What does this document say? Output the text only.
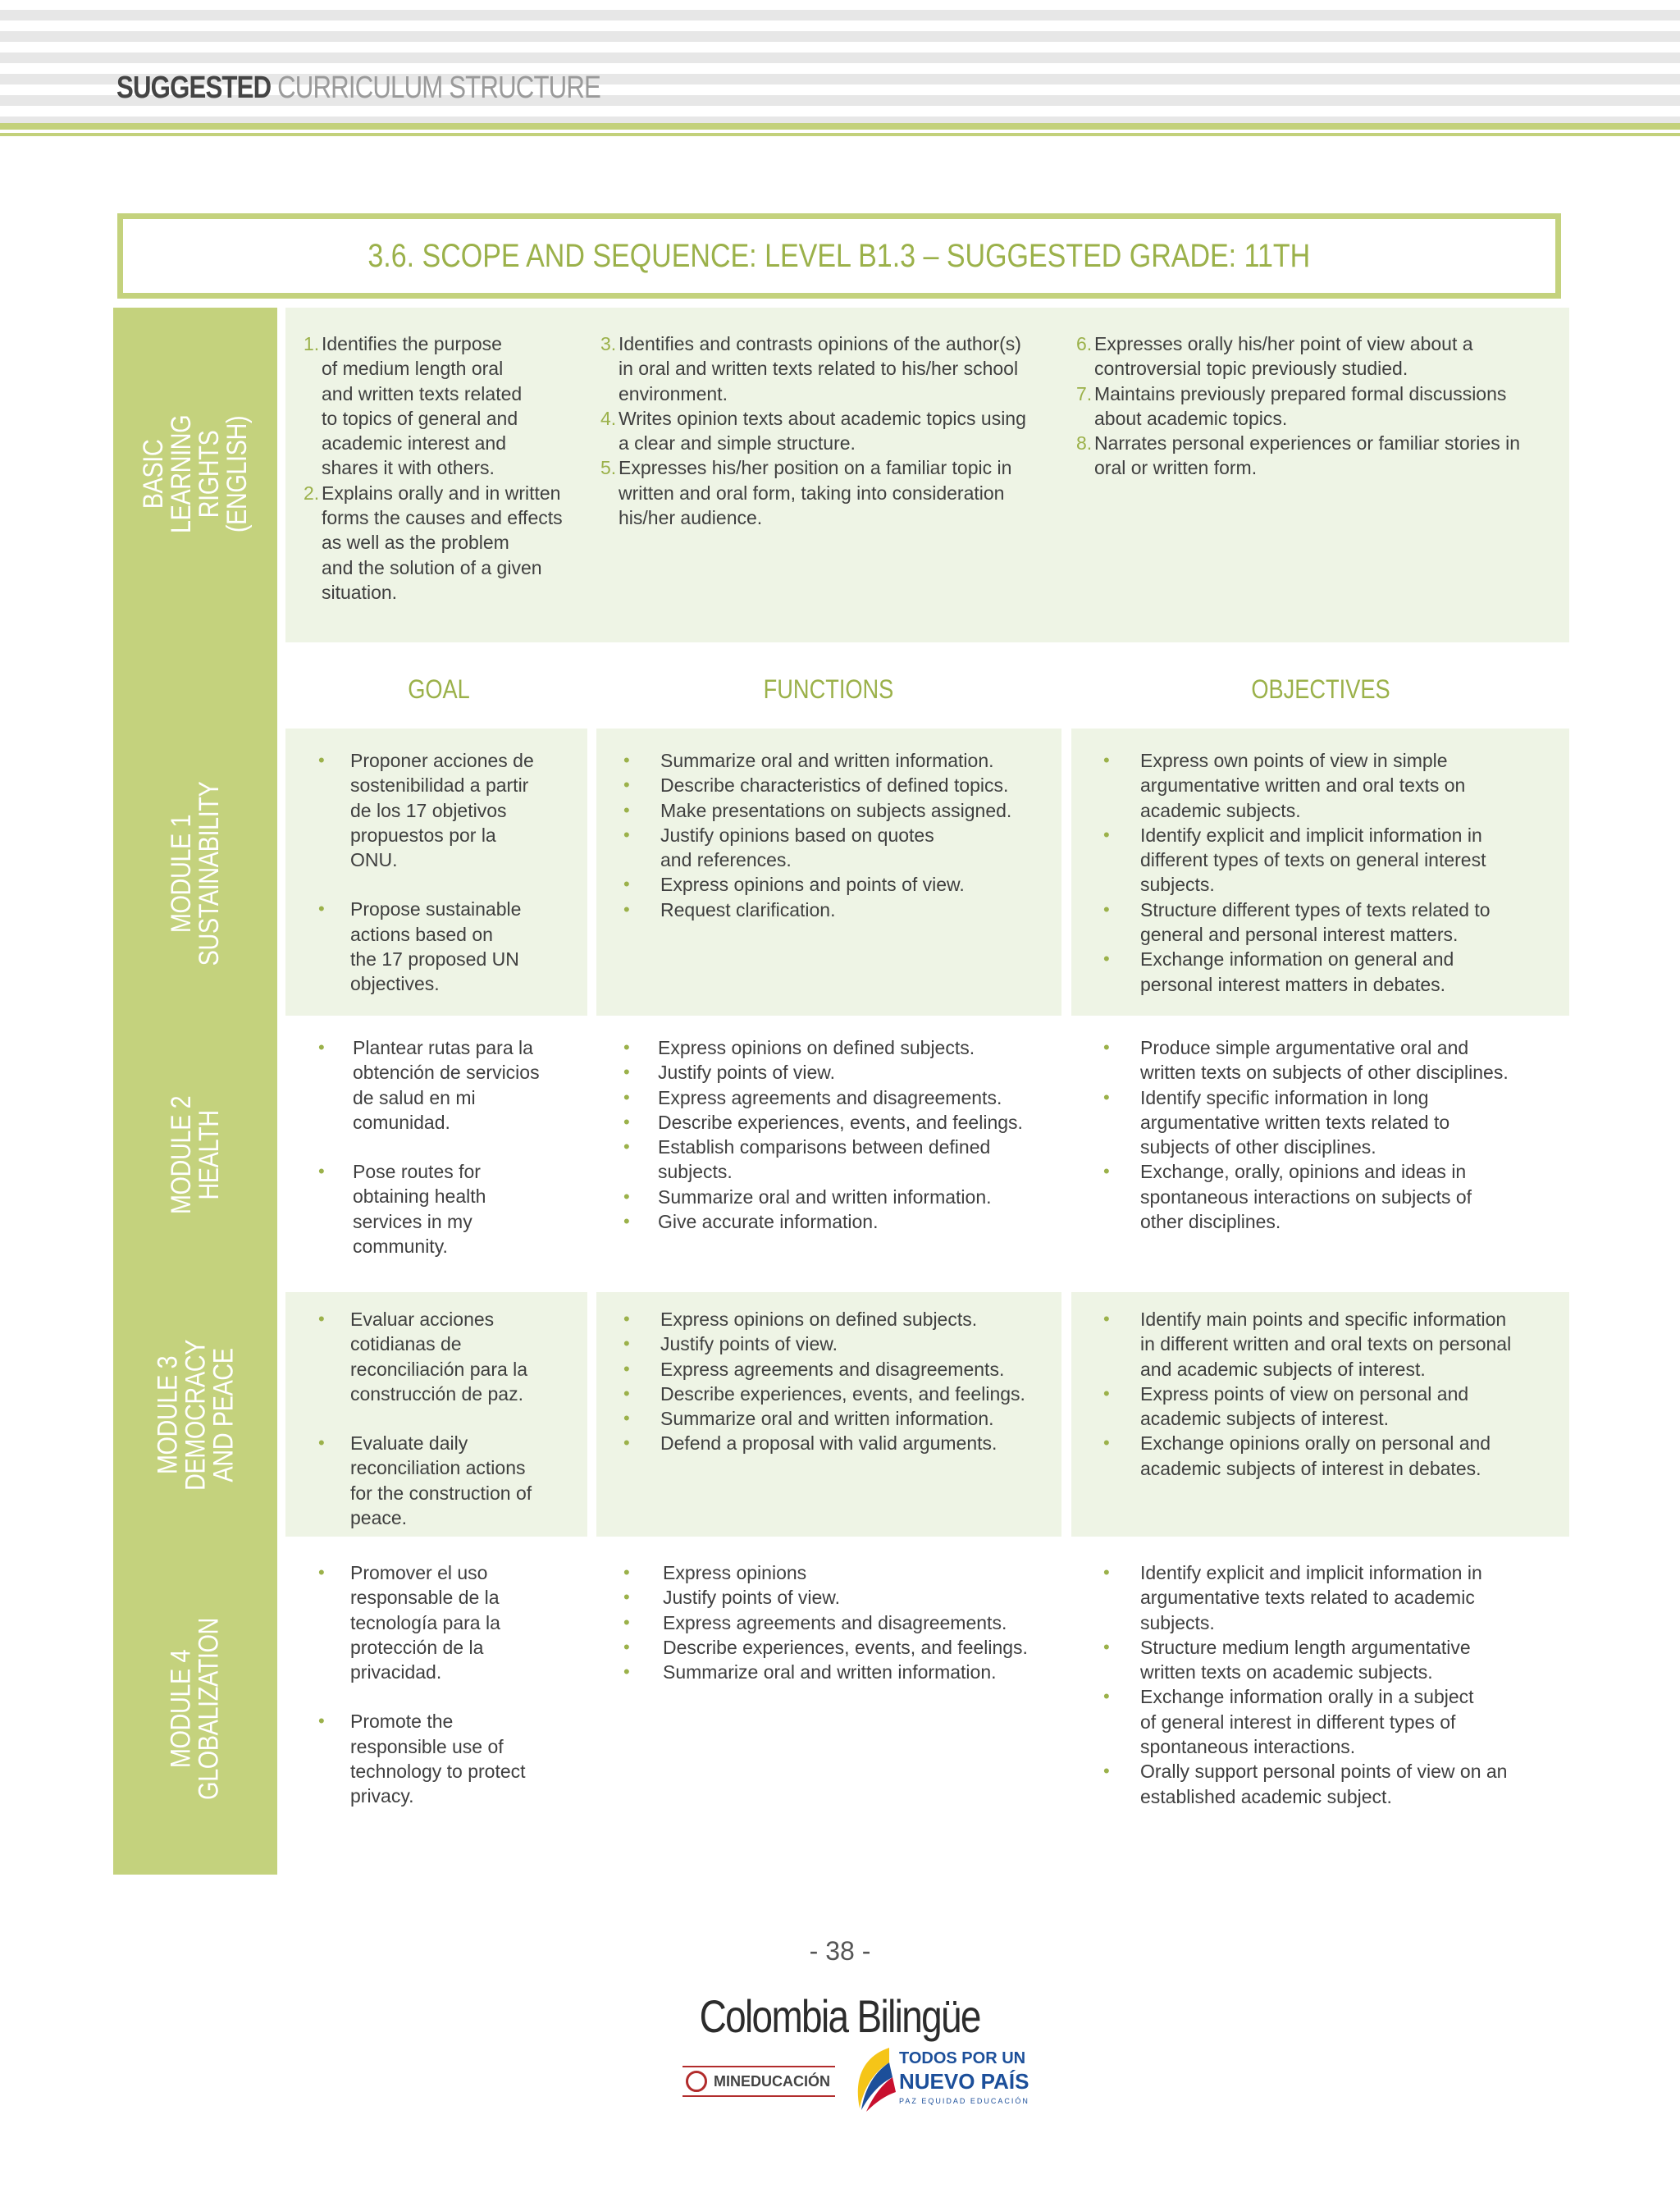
SUGGESTED CURRICULUM STRUCTURE
3.6. SCOPE AND SEQUENCE: LEVEL B1.3 – SUGGESTED GRADE: 11TH
BASIC
LEARNING
RIGHTS
(ENGLISH)
MODULE 1
SUSTAINABILITY
MODULE 2
HEALTH
MODULE 3
DEMOCRACY
AND PEACE
MODULE 4
GLOBALIZATION
1. Identifies the purpose
of medium length oral
and written texts related
to topics of general and
academic interest and
shares it with others.
2. Explains orally and in written
forms the causes and effects
as well as the problem
and the solution of a given
situation.
3. Identifies and contrasts opinions of the author(s)
in oral and written texts related to his/her school
environment.
4. Writes opinion texts about academic topics using
a clear and simple structure.
5. Expresses his/her position on a familiar topic in
written and oral form, taking into consideration
his/her audience.
6. Expresses orally his/her point of view about a
controversial topic previously studied.
7. Maintains previously prepared formal discussions
about academic topics.
8. Narrates personal experiences or familiar stories in
oral or written form.
GOAL	FUNCTIONS	OBJECTIVES
• Proponer acciones de
sostenibilidad a partir
de los 17 objetivos
propuestos por la
ONU.
• Propose sustainable
actions based on
the 17 proposed UN
objectives.
• Summarize oral and written information.
• Describe characteristics of defined topics.
• Make presentations on subjects assigned.
• Justify opinions based on quotes
and references.
• Express opinions and points of view.
• Request clarification.
• Express own points of view in simple
argumentative written and oral texts on
academic subjects.
• Identify explicit and implicit information in
different types of texts on general interest
subjects.
• Structure different types of texts related to
general and personal interest matters.
• Exchange information on general and
personal interest matters in debates.
• Plantear rutas para la
obtención de servicios
de salud en mi
comunidad.
• Pose routes for
obtaining health
services in my
community.
• Express opinions on defined subjects.
• Justify points of view.
• Express agreements and disagreements.
• Describe experiences, events, and feelings.
• Establish comparisons between defined
subjects.
• Summarize oral and written information.
• Give accurate information.
• Produce simple argumentative oral and
written texts on subjects of other disciplines.
• Identify specific information in long
argumentative written texts related to
subjects of other disciplines.
• Exchange, orally, opinions and ideas in
spontaneous interactions on subjects of
other disciplines.
• Evaluar acciones
cotidianas de
reconciliación para la
construcción de paz.
• Evaluate daily
reconciliation actions
for the construction of
peace.
• Express opinions on defined subjects.
• Justify points of view.
• Express agreements and disagreements.
• Describe experiences, events, and feelings.
• Summarize oral and written information.
• Defend a proposal with valid arguments.
• Identify main points and specific information
in different written and oral texts on personal
and academic subjects of interest.
• Express points of view on personal and
academic subjects of interest.
• Exchange opinions orally on personal and
academic subjects of interest in debates.
• Promover el uso
responsable de la
tecnología para la
protección de la
privacidad.
• Promote the
responsible use of
technology to protect
privacy.
• Express opinions
• Justify points of view.
• Express agreements and disagreements.
• Describe experiences, events, and feelings.
• Summarize oral and written information.
• Identify explicit and implicit information in
argumentative texts related to academic
subjects.
• Structure medium length argumentative
written texts on academic subjects.
• Exchange information orally in a subject
of general interest in different types of
spontaneous interactions.
• Orally support personal points of view on an
established academic subject.
- 38 -
Colombia Bilingüe
MINEDUCACIÓN
TODOS POR UN
NUEVO PAÍS
PAZ EQUIDAD EDUCACIÓN
